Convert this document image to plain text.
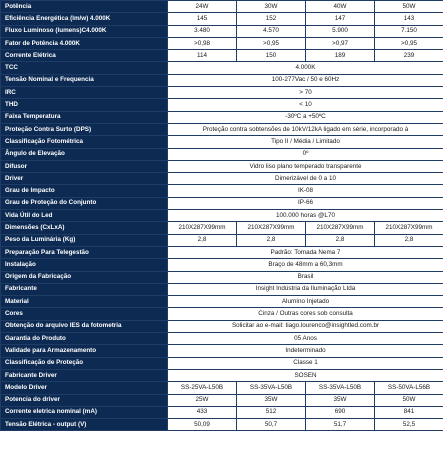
Potência	24W	30W	40W	50W
Eficiência Energética (lm/w) 4.000K	145	152	147	143
Fluxo Luminoso (lumens)C4.000K	3.480	4.570	5.900	7.150
Fator de Potência 4.000K	>0,98	>0,95	>0,97	>0,95
Corrente Elétrica	114	150	189	239
TCC	4.000K			
Tensão Nominal e Frequencia	100-277Vac / 50 e 60Hz			
IRC	> 70			
THD	< 10			
Faixa Temperatura	-30ºC a +50ºC			
Proteção Contra Surto (DPS)	Proteção contra sobtensões de 10kV/12kA ligado em série, incorporado à			
Classificação Fotométrica	Tipo II / Média / Limitado			
Ângulo de Elevação	0º			
Difusor	Vidro liso plano temperado transparente			
Driver	Dimerizável de 0 a 10			
Grau de Impacto	IK-08			
Grau de Proteção do Conjunto	IP-66			
Vida Útil do Led	100.000 horas @L70			
Dimensões (CxLxA)	210X287X99mm	210X287X99mm	210X287X99mm	210X287X99mm
Peso da Luminária (Kg)	2,8	2,8	2,8	2,8
Preparação Para Telegestão	Padrão: Tomada Nema 7			
Instalação	Braço de 48mm a 60,3mm			
Origem da Fabricação	Brasil			
Fabricante	Insight Indústria da Iluminação Ltda			
Material	Alumíno Injetado			
Cores	Cinza / Outras cores sob consulta			
Obtenção do arquivo IES da fotometria	Solicitar ao e-mail: tiago.lourenco@insightled.com.br			
Garantia do Produto	05 Anos			
Validade para Armazenamento	Indeterminado			
Classificação de Proteção	Classe 1			
Fabricante Driver	SOSEN			
Modelo Driver	SS-25VA-L50B	SS-35VA-L50B	SS-35VA-L50B	SS-50VA-L56B
Potencia do driver	25W	35W	35W	50W
Corrente eletrica nominal (mA)	433	512	690	841
Tensão Elétrica - output (V)	50,09	50,7	51,7	52,5
